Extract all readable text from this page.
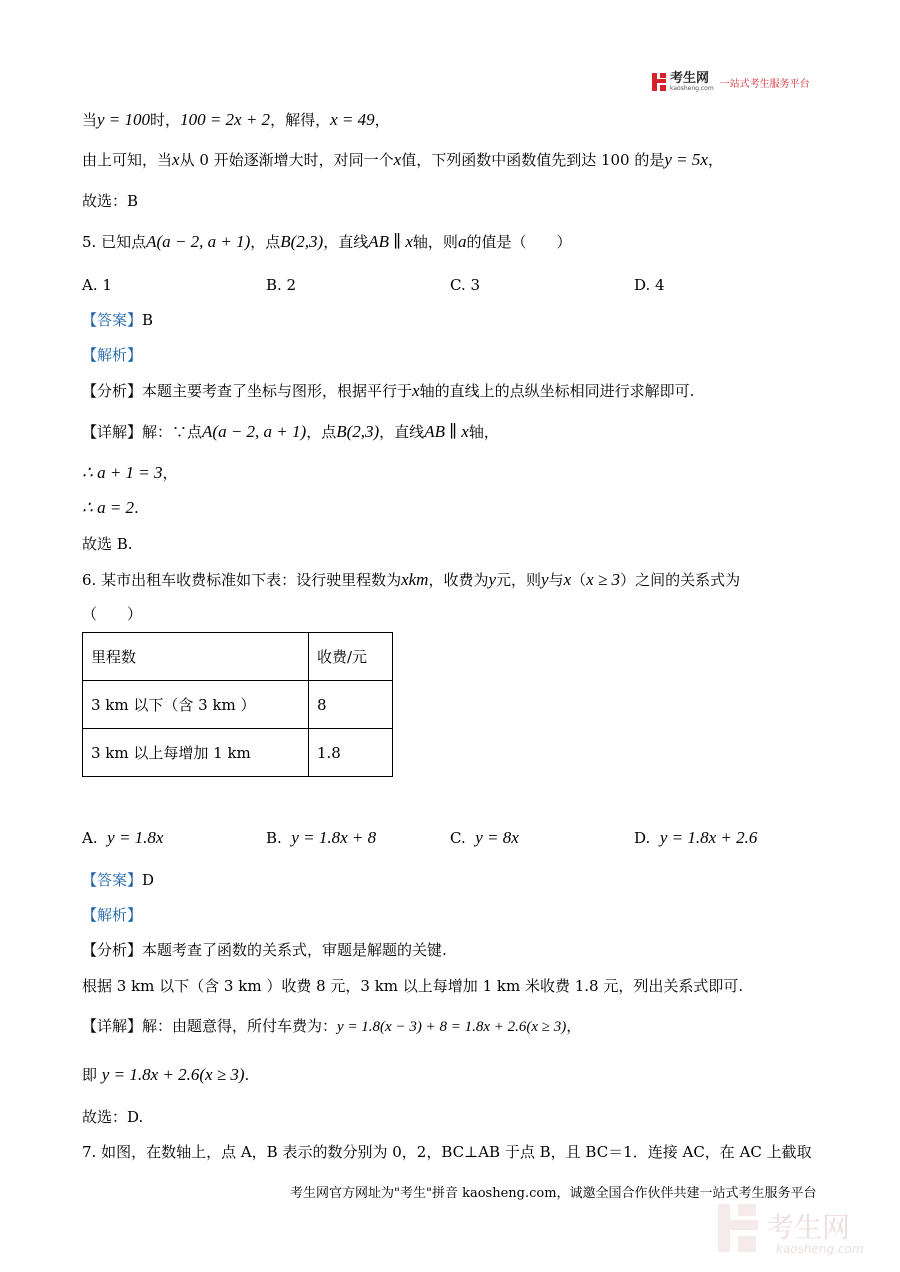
考生网
kaosheng.com 一站式考生服务平台
当y = 100时，100 = 2x + 2，解得，x = 49，
由上可知，当x从 0 开始逐渐增大时，对同一个x值，下列函数中函数值先到达 100 的是y = 5x，
故选：B
5. 已知点A(a − 2, a + 1)，点B(2,3)，直线AB ∥ x轴，则a的值是（　　）
A. 1	B. 2	C. 3	D. 4
【答案】B
【解析】
【分析】本题主要考查了坐标与图形，根据平行于x轴的直线上的点纵坐标相同进行求解即可.
【详解】解：∵点A(a − 2, a + 1)，点B(2,3)，直线AB ∥ x轴，
∴ a + 1 = 3，
∴ a = 2.
故选 B.
6. 某市出租车收费标准如下表：设行驶里程数为xkm，收费为y元，则y与x（x ≥ 3）之间的关系式为
（　　）
里程数	收费/元
3 km 以下（含 3 km ）	8
3 km 以上每增加 1 km	1.8
A. y = 1.8x	B. y = 1.8x + 8	C. y = 8x	D. y = 1.8x + 2.6
【答案】D
【解析】
【分析】本题考查了函数的关系式，审题是解题的关键.
根据 3 km 以下（含 3 km ）收费 8 元，3 km 以上每增加 1 km 米收费 1.8 元，列出关系式即可.
【详解】解：由题意得，所付车费为：y = 1.8(x − 3) + 8 = 1.8x + 2.6(x ≥ 3)，
即 y = 1.8x + 2.6(x ≥ 3).
故选：D.
7. 如图，在数轴上，点 A，B 表示的数分别为 0，2，BC⊥AB 于点 B，且 BC＝1．连接 AC，在 AC 上截取
考生网官方网址为"考生"拼音 kaosheng.com，诚邀全国合作伙伴共建一站式考生服务平台
考生网
kaosheng.com
